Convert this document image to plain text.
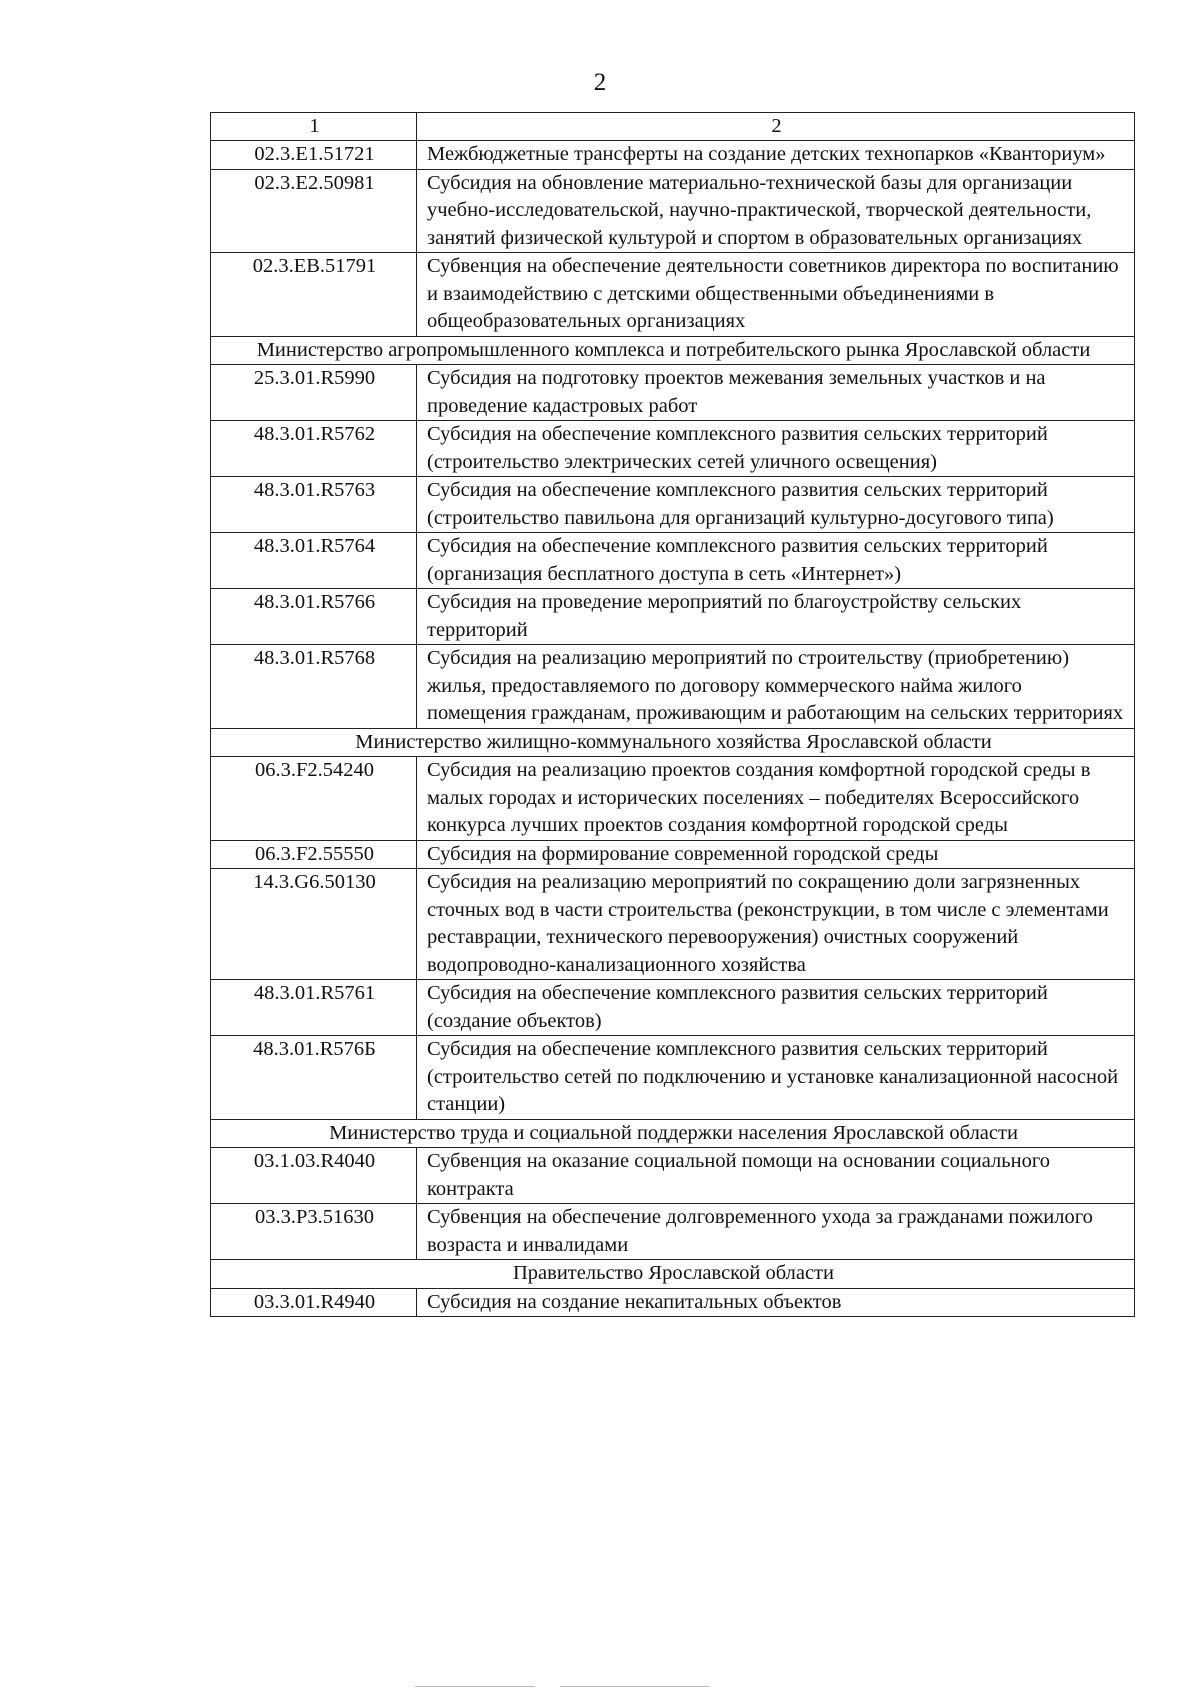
2
1	2
02.3.E1.51721	Межбюджетные трансферты на создание детских технопарков «Кванториум»
02.3.E2.50981	Субсидия на обновление материально-технической базы для организации учебно-исследовательской, научно-практической, творческой деятельности, занятий физической культурой и спортом в образовательных организациях
02.3.EB.51791	Субвенция на обеспечение деятельности советников директора по воспитанию и взаимодействию с детскими общественными объединениями в общеобразовательных организациях
Министерство агропромышленного комплекса и потребительского рынка Ярославской области	
25.3.01.R5990	Субсидия на подготовку проектов межевания земельных участков и на проведение кадастровых работ
48.3.01.R5762	Субсидия на обеспечение комплексного развития сельских территорий (строительство электрических сетей уличного освещения)
48.3.01.R5763	Субсидия на обеспечение комплексного развития сельских территорий (строительство павильона для организаций культурно-досугового типа)
48.3.01.R5764	Субсидия на обеспечение комплексного развития сельских территорий (организация бесплатного доступа в сеть «Интернет»)
48.3.01.R5766	Субсидия на проведение мероприятий по благоустройству сельских территорий
48.3.01.R5768	Субсидия на реализацию мероприятий по строительству (приобретению) жилья, предоставляемого по договору коммерческого найма жилого помещения гражданам, проживающим и работающим на сельских территориях
Министерство жилищно-коммунального хозяйства Ярославской области	
06.3.F2.54240	Субсидия на реализацию проектов создания комфортной городской среды в малых городах и исторических поселениях – победителях Всероссийского конкурса лучших проектов создания комфортной городской среды
06.3.F2.55550	Субсидия на формирование современной городской среды
14.3.G6.50130	Субсидия на реализацию мероприятий по сокращению доли загрязненных сточных вод в части строительства (реконструкции, в том числе с элементами реставрации, технического перевооружения) очистных сооружений водопроводно-канализационного хозяйства
48.3.01.R5761	Субсидия на обеспечение комплексного развития сельских территорий (создание объектов)
48.3.01.R576Б	Субсидия на обеспечение комплексного развития сельских территорий (строительство сетей по подключению и установке канализационной насосной станции)
Министерство труда и социальной поддержки населения Ярославской области	
03.1.03.R4040	Субвенция на оказание социальной помощи на основании социального контракта
03.3.P3.51630	Субвенция на обеспечение долговременного ухода за гражданами пожилого возраста и инвалидами
Правительство Ярославской области	
03.3.01.R4940	Субсидия на создание некапитальных объектов
